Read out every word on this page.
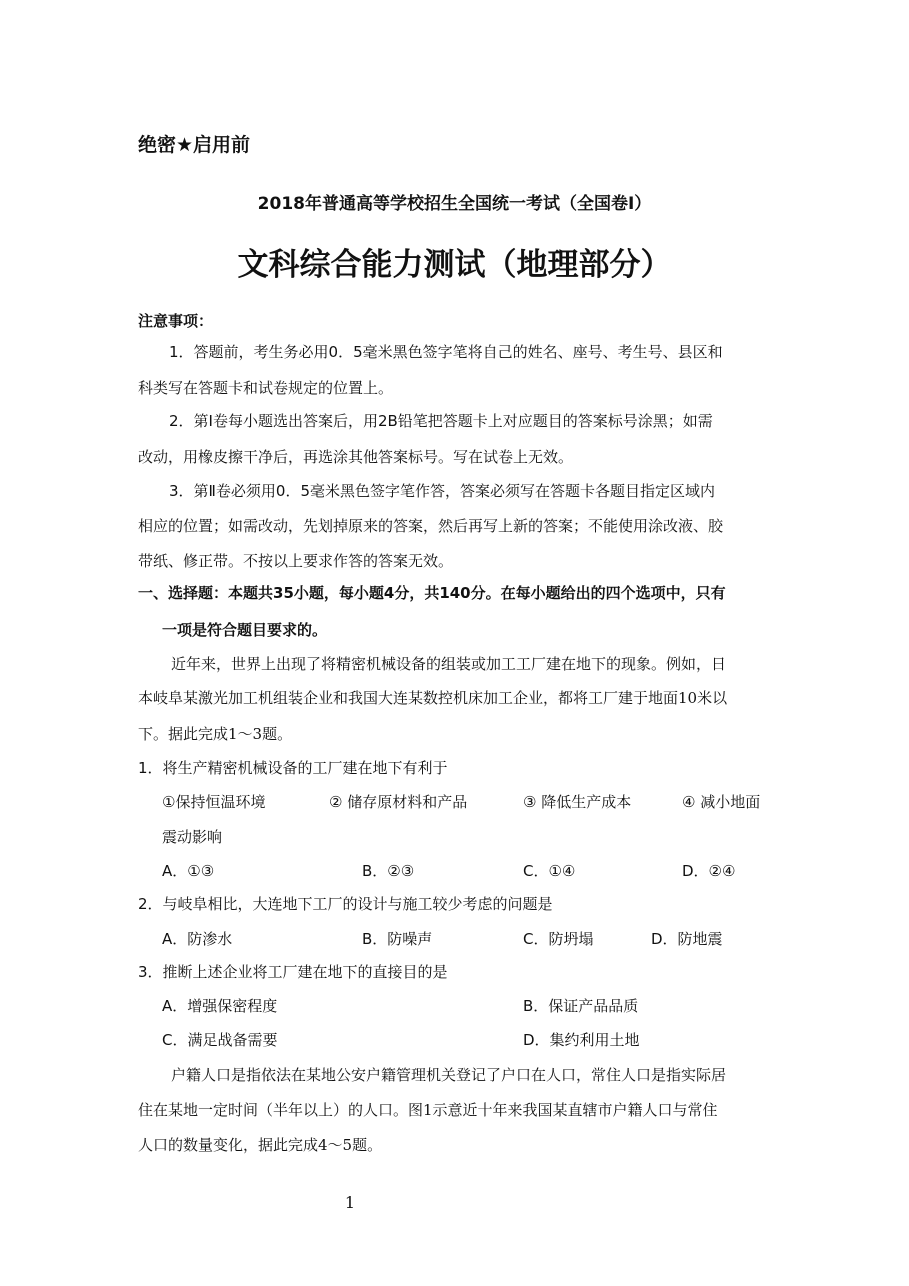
绝密★启用前
2018年普通高等学校招生全国统一考试（全国卷Ⅰ）
文科综合能力测试（地理部分）
注意事项：
1．答题前，考生务必用0．5毫米黑色签字笔将自己的姓名、座号、考生号、县区和
科类写在答题卡和试卷规定的位置上。
2．第Ⅰ卷每小题选出答案后，用2B铅笔把答题卡上对应题目的答案标号涂黑；如需
改动，用橡皮擦干净后，再选涂其他答案标号。写在试卷上无效。
3．第Ⅱ卷必须用0．5毫米黑色签字笔作答，答案必须写在答题卡各题目指定区域内
相应的位置；如需改动，先划掉原来的答案，然后再写上新的答案；不能使用涂改液、胶
带纸、修正带。不按以上要求作答的答案无效。
一、选择题：本题共35小题，每小题4分，共140分。在每小题给出的四个选项中，只有
一项是符合题目要求的。
近年来，世界上出现了将精密机械设备的组装或加工工厂建在地下的现象。例如，日
本岐阜某激光加工机组装企业和我国大连某数控机床加工企业，都将工厂建于地面10米以
下。据此完成1～3题。
1．将生产精密机械设备的工厂建在地下有利于
①保持恒温环境	② 储存原材料和产品	③ 降低生产成本	④ 减小地面
震动影响
A．①③	B．②③	C．①④	D．②④
2．与岐阜相比，大连地下工厂的设计与施工较少考虑的问题是
A．防渗水	B．防噪声	C．防坍塌	D．防地震
3．推断上述企业将工厂建在地下的直接目的是
A．增强保密程度	B．保证产品品质
C．满足战备需要	D．集约利用土地
户籍人口是指依法在某地公安户籍管理机关登记了户口在人口，常住人口是指实际居
住在某地一定时间（半年以上）的人口。图1示意近十年来我国某直辖市户籍人口与常住
人口的数量变化，据此完成4～5题。
1
